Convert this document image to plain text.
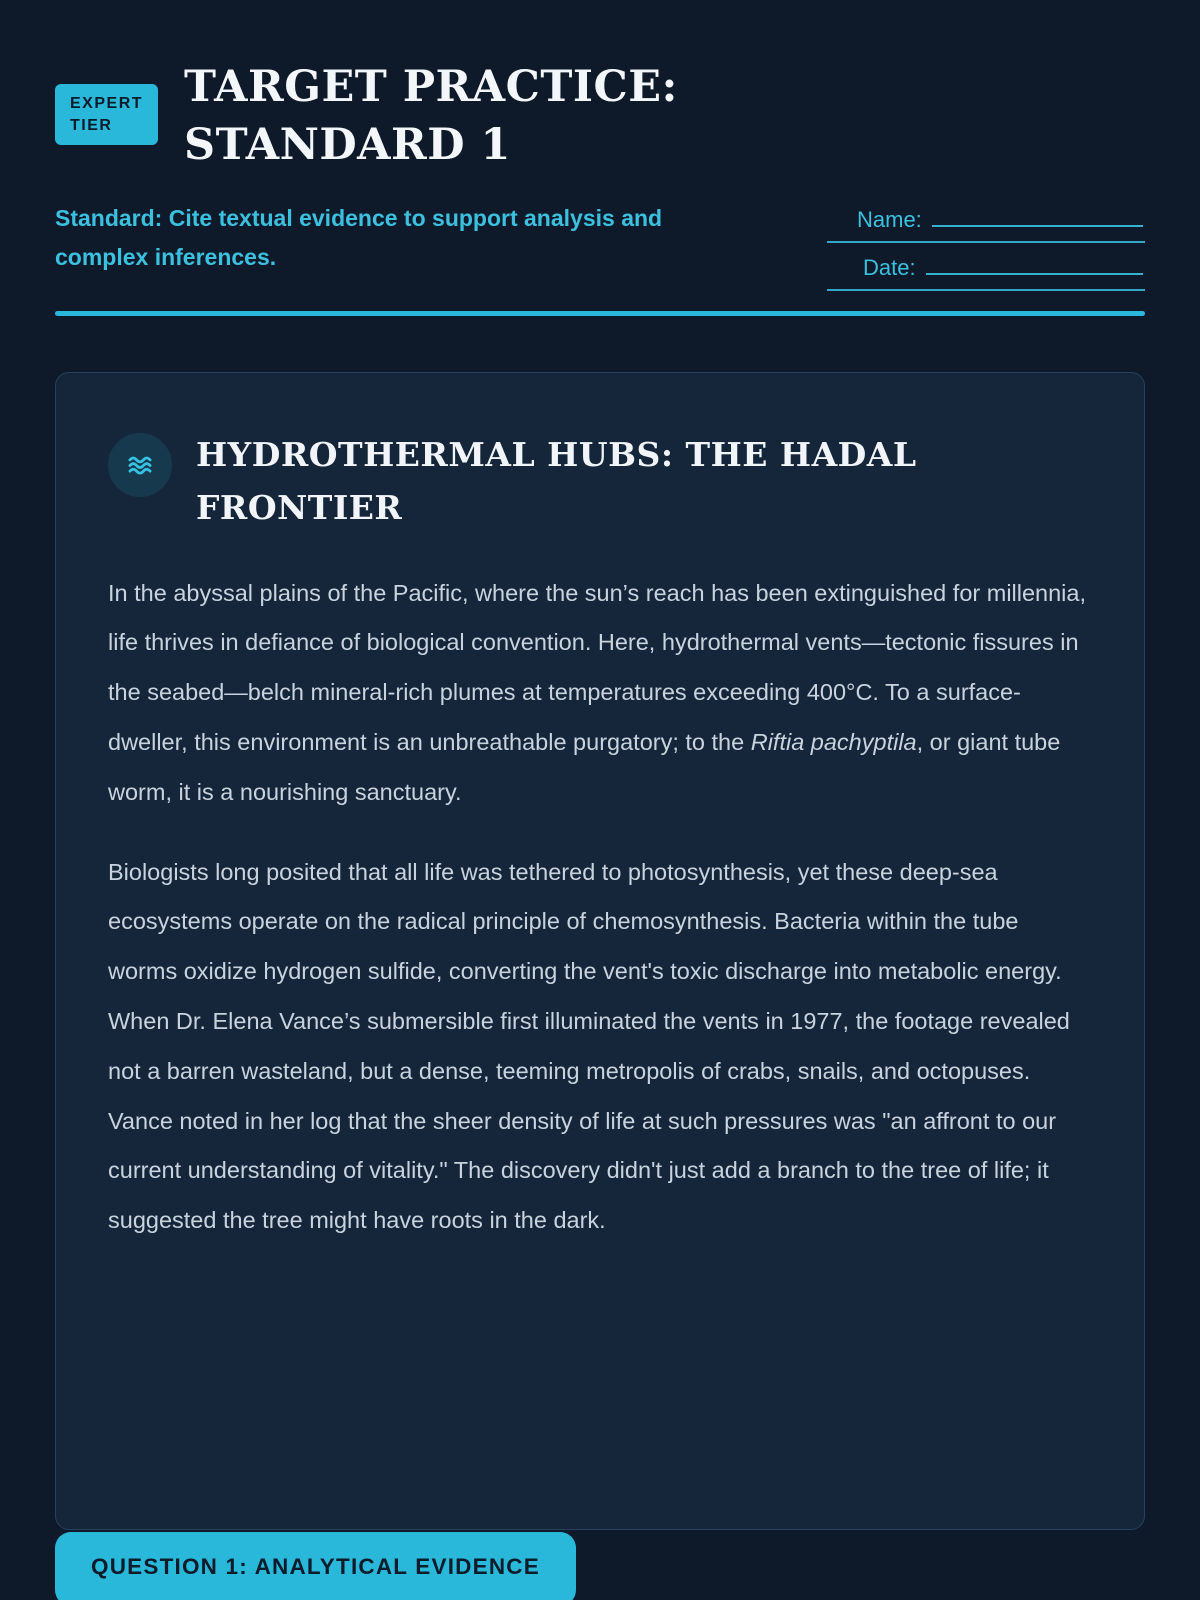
EXPERT
TIER
TARGET PRACTICE:
STANDARD 1

Standard: Cite textual evidence to support analysis and complex inferences.

Name:
Date:
HYDROTHERMAL HUBS: THE HADAL FRONTIER

In the abyssal plains of the Pacific, where the sun’s reach has been extinguished for millennia, life thrives in defiance of biological convention. Here, hydrothermal vents—tectonic fissures in the seabed—belch mineral-rich plumes at temperatures exceeding 400°C. To a surface-dweller, this environment is an unbreathable purgatory; to the Riftia pachyptila, or giant tube worm, it is a nourishing sanctuary.

Biologists long posited that all life was tethered to photosynthesis, yet these deep-sea ecosystems operate on the radical principle of chemosynthesis. Bacteria within the tube worms oxidize hydrogen sulfide, converting the vent's toxic discharge into metabolic energy. When Dr. Elena Vance’s submersible first illuminated the vents in 1977, the footage revealed not a barren wasteland, but a dense, teeming metropolis of crabs, snails, and octopuses. Vance noted in her log that the sheer density of life at such pressures was "an affront to our current understanding of vitality." The discovery didn't just add a branch to the tree of life; it suggested the tree might have roots in the dark.

QUESTION 1: ANALYTICAL EVIDENCE
